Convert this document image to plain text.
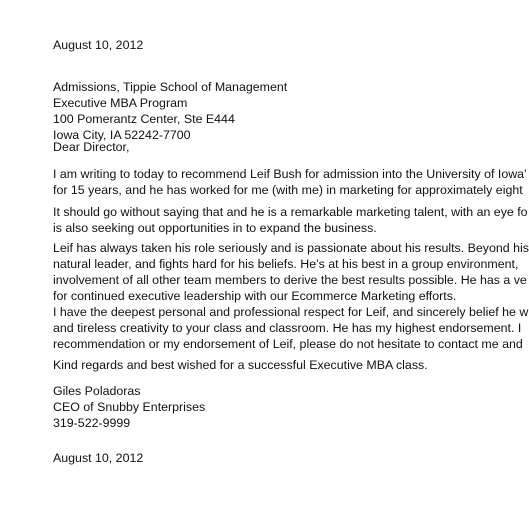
August 10, 2012
Admissions, Tippie School of Management
Executive MBA Program
100 Pomerantz Center, Ste E444
Iowa City, IA 52242-7700
Dear Director,
I am writing to today to recommend Leif Bush for admission into the University of Iowa’
for 15 years, and he has worked for me (with me) in marketing for approximately eight
It should go without saying that and he is a remarkable marketing talent, with an eye fo
is also seeking out opportunities in to expand the business.
Leif has always taken his role seriously and is passionate about his results. Beyond his
natural leader, and fights hard for his beliefs. He’s at his best in a group environment,
involvement of all other team members to derive the best results possible. He has a ve
for continued executive leadership with our Ecommerce Marketing efforts.
I have the deepest personal and professional respect for Leif, and sincerely belief he w
and tireless creativity to your class and classroom. He has my highest endorsement. I
recommendation or my endorsement of Leif, please do not hesitate to contact me and
Kind regards and best wished for a successful Executive MBA class.
Giles Poladoras
CEO of Snubby Enterprises
319-522-9999
August 10, 2012
